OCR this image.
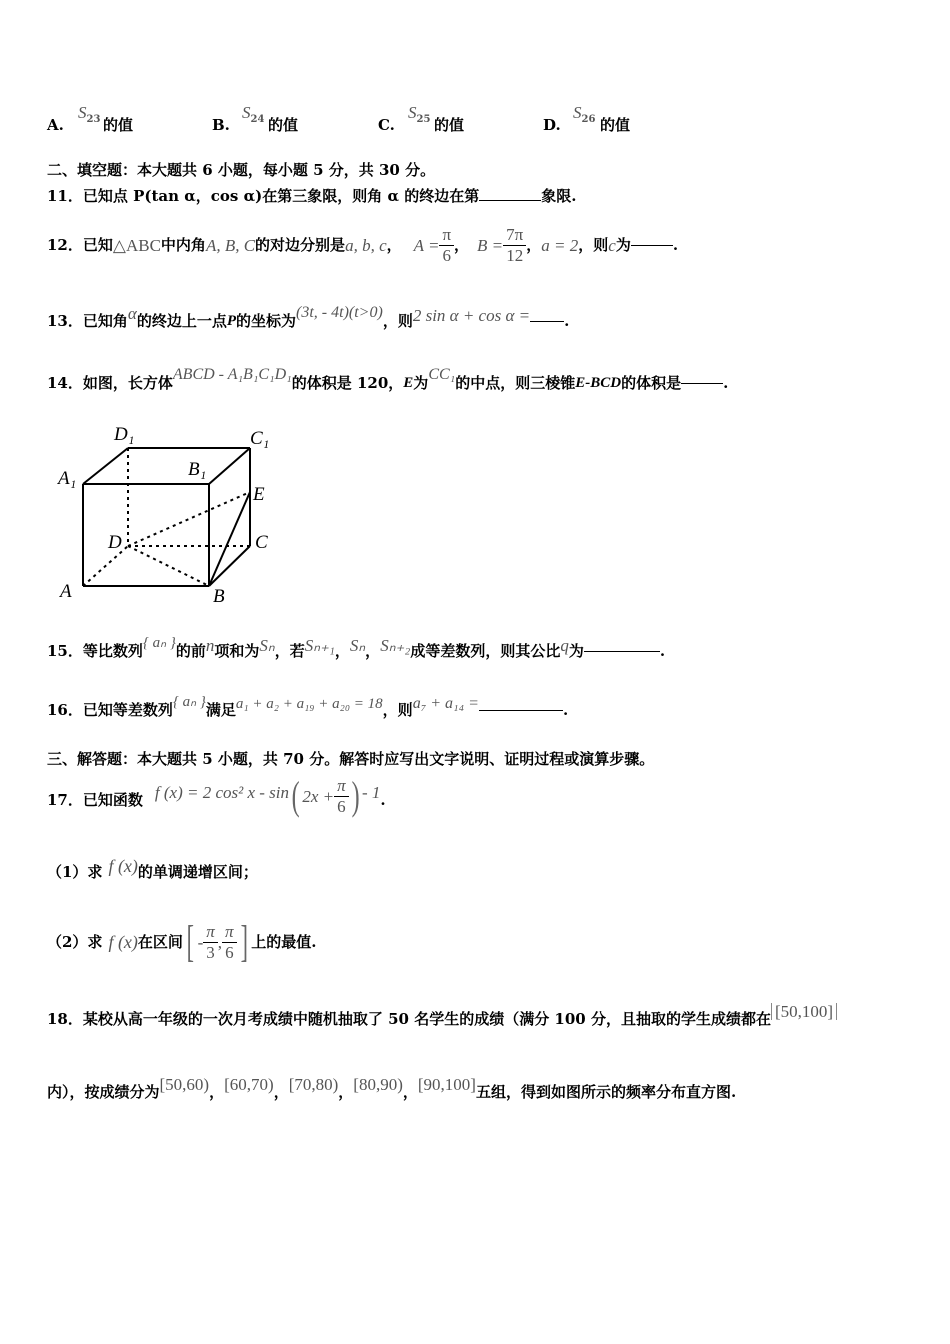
A.
$S_{23}$ 的值	B.
$S_{24}$ 的值	C.
$S_{25}$ 的值	D.
$S_{26}$ 的值
二、填空题：本大题共 6 小题，每小题 5 分，共 30 分。
11．已知点 P(tan α，cos α)在第三象限，则角 α 的终边在第	象限.
12． 已知 △ABC 中内角 A, B, C 的对边分别是 a, b, c ， $A = \frac{\pi}{6}$ ， $B = \frac{7\pi}{12}$ ， a = 2 ，则 c 为	.
13． 已知角 α 的终边上一点 P 的坐标为 (3t, - 4t)(t>0) ，则 2 sin α + cos α = .
14． 如图，长方体 ABCD - A₁B₁C₁D₁ 的体积是 120， E 为 CC₁ 的中点，则三棱锥 E-BCD 的体积是	.
D₁	C₁
A₁	B₁
E
D	C
A	B
15． 等比数列 { aₙ } 的前 n 项和为 Sₙ ，若 Sₙ₊₁ ， Sₙ ， Sₙ₊₂ 成等差数列，则其公比 q 为	.
16． 已知等差数列 { aₙ } 满足 a₁ + a₂ + a₁₉ + a₂₀ = 18 ，则 a₇ + a₁₄ =	.
三、解答题：本大题共 5 小题，共 70 分。解答时应写出文字说明、证明过程或演算步骤。
17． 已知函数 f (x) = 2 cos² x - sin ( $2x + \frac{\pi}{6}$ ) - 1 .
（1）求 f (x) 的单调递增区间；
（2）求 f (x) 在区间 [ - $\frac{\pi}{3}$ , $\frac{\pi}{6}$ ] 上的最值.
18． 某校从高一年级的一次月考成绩中随机抽取了 50 名学生的成绩（满分 100 分，且抽取的学生成绩都在 [50,100]
内），按成绩分为 [50,60) ， [60,70) ， [70,80) ， [80,90) ， [90,100] 五组，得到如图所示的频率分布直方图.
